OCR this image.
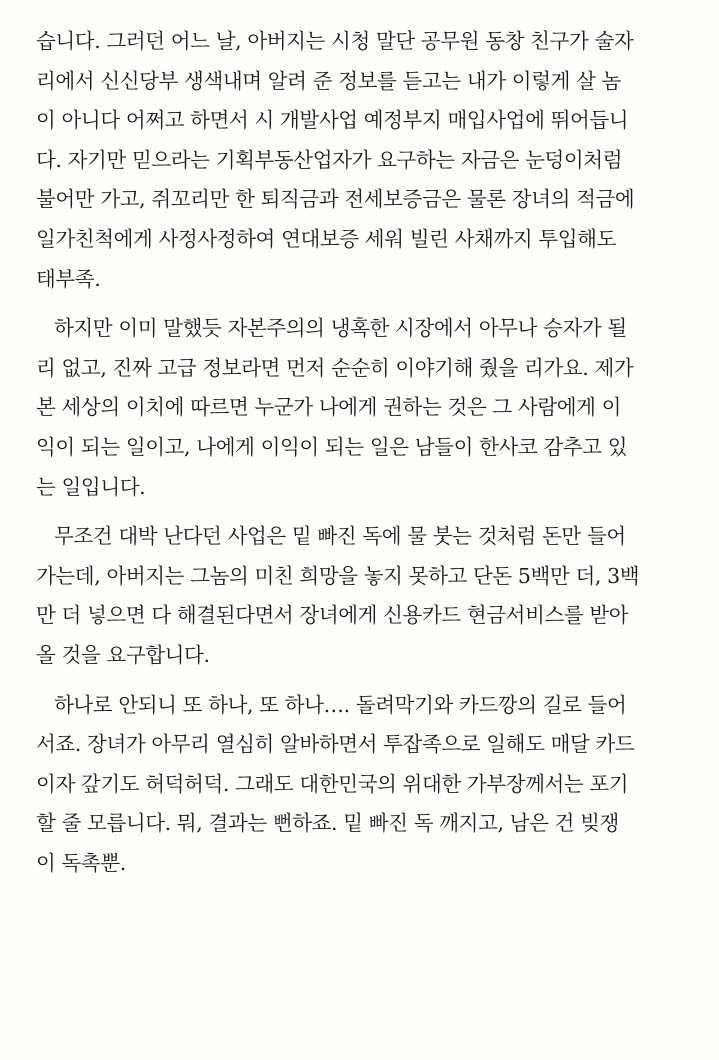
습니다. 그러던 어느 날, 아버지는 시청 말단 공무원 동창 친구가 술자
리에서 신신당부 생색내며 알려 준 정보를 듣고는 내가 이렇게 살 놈
이 아니다 어쩌고 하면서 시 개발사업 예정부지 매입사업에 뛰어듭니
다. 자기만 믿으라는 기획부동산업자가 요구하는 자금은 눈덩이처럼
불어만 가고, 쥐꼬리만 한 퇴직금과 전세보증금은 물론 장녀의 적금에
일가친척에게 사정사정하여 연대보증 세워 빌린 사채까지 투입해도
태부족.
하지만 이미 말했듯 자본주의의 냉혹한 시장에서 아무나 승자가 될
리 없고, 진짜 고급 정보라면 먼저 순순히 이야기해 줬을 리가요. 제가
본 세상의 이치에 따르면 누군가 나에게 권하는 것은 그 사람에게 이
익이 되는 일이고, 나에게 이익이 되는 일은 남들이 한사코 감추고 있
는 일입니다.
무조건 대박 난다던 사업은 밑 빠진 독에 물 붓는 것처럼 돈만 들어
가는데, 아버지는 그놈의 미친 희망을 놓지 못하고 단돈 5백만 더, 3백
만 더 넣으면 다 해결된다면서 장녀에게 신용카드 현금서비스를 받아
올 것을 요구합니다.
하나로 안되니 또 하나, 또 하나…. 돌려막기와 카드깡의 길로 들어
서죠. 장녀가 아무리 열심히 알바하면서 투잡족으로 일해도 매달 카드
이자 갚기도 허덕허덕. 그래도 대한민국의 위대한 가부장께서는 포기
할 줄 모릅니다. 뭐, 결과는 뻔하죠. 밑 빠진 독 깨지고, 남은 건 빚쟁
이 독촉뿐.
